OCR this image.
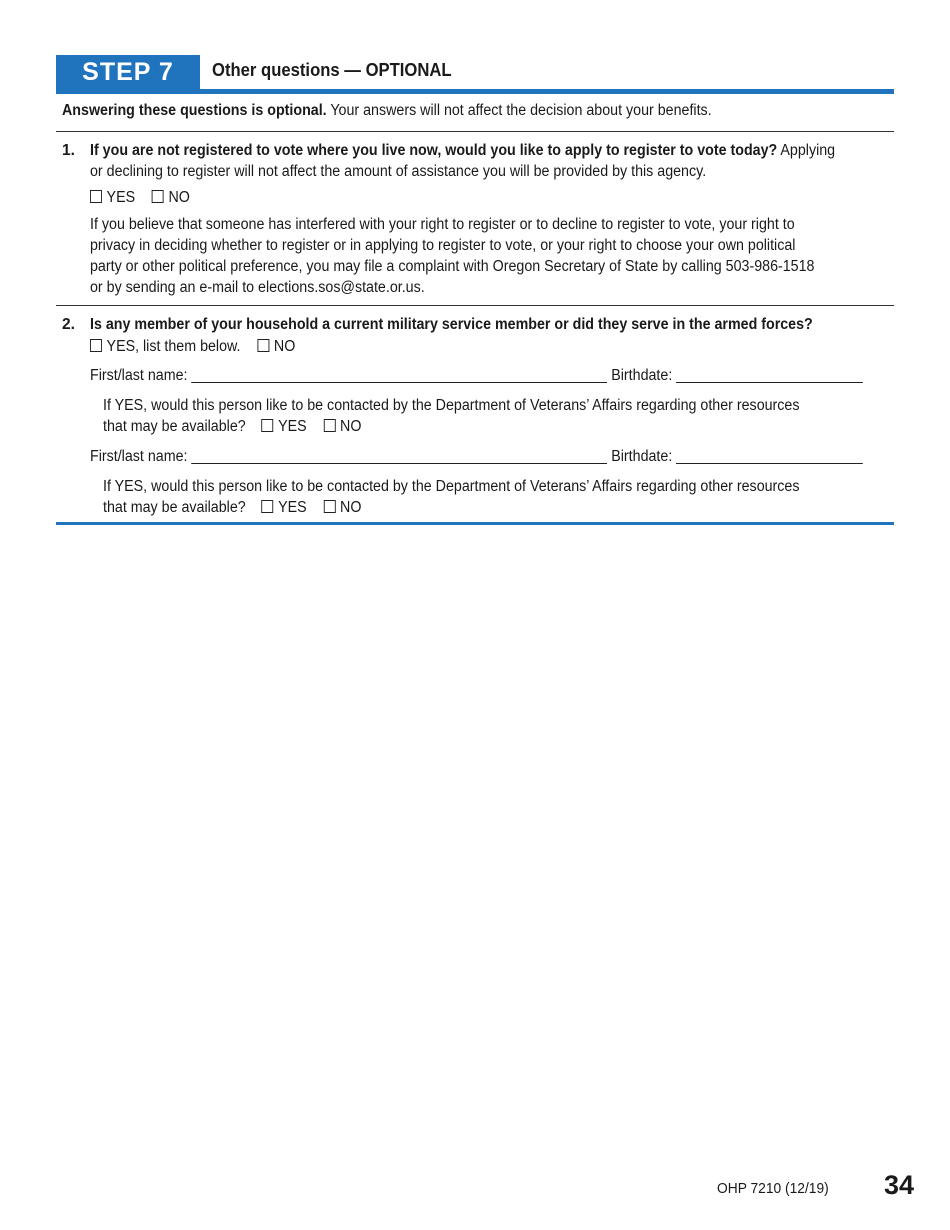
STEP 7	Other questions — OPTIONAL
Answering these questions is optional. Your answers will not affect the decision about your benefits.
1. If you are not registered to vote where you live now, would you like to apply to register to vote today? Applying
or declining to register will not affect the amount of assistance you will be provided by this agency.
YES NO
If you believe that someone has interfered with your right to register or to decline to register to vote, your right to
privacy in deciding whether to register or in applying to register to vote, or your right to choose your own political
party or other political preference, you may file a complaint with Oregon Secretary of State by calling 503-986-1518
or by sending an e-mail to elections.sos@state.or.us.
2. Is any member of your household a current military service member or did they serve in the armed forces?
YES, list them below. NO
First/last name:	Birthdate:
If YES, would this person like to be contacted by the Department of Veterans’ Affairs regarding other resources
that may be available? YES NO
First/last name:	Birthdate:
If YES, would this person like to be contacted by the Department of Veterans’ Affairs regarding other resources
that may be available? YES NO
OHP 7210 (12/19) 34
